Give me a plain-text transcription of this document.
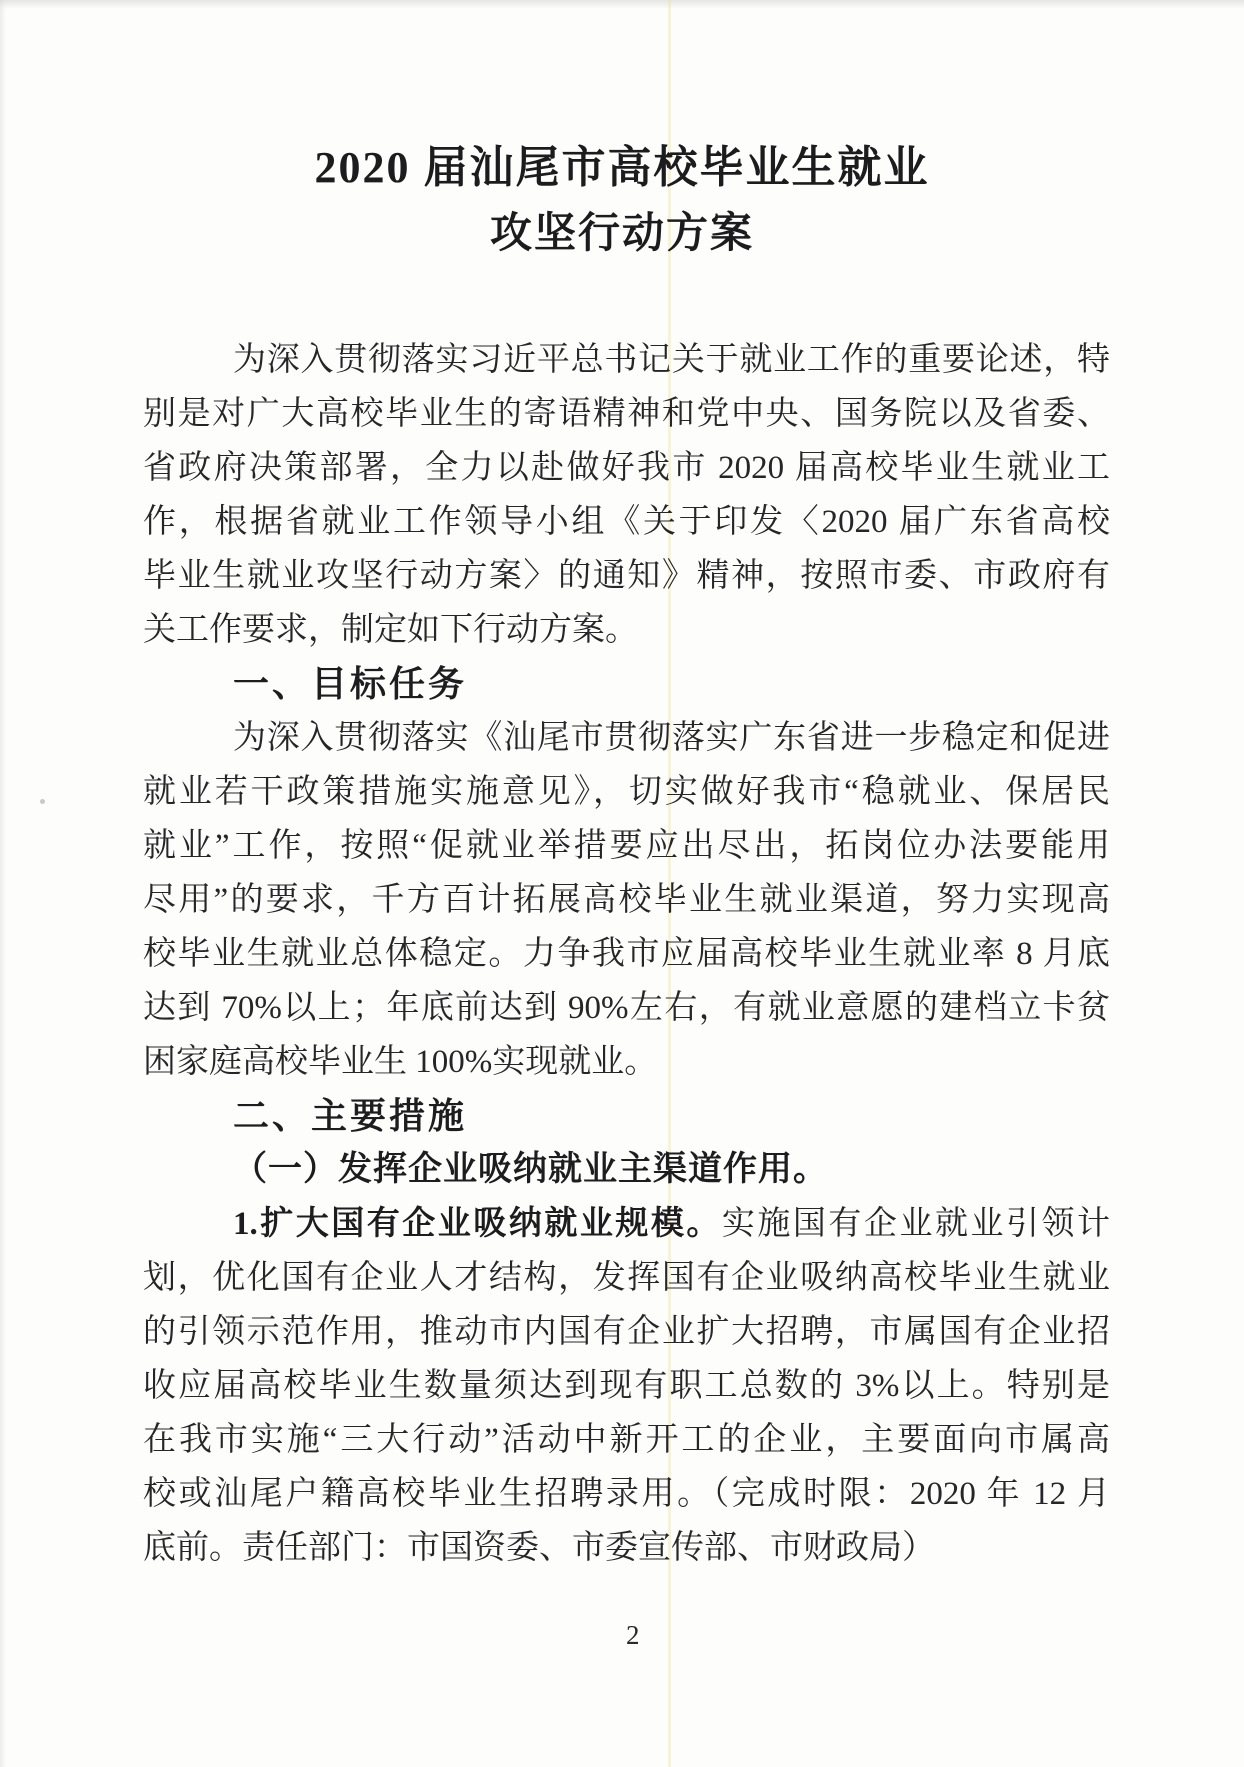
2020 届汕尾市高校毕业生就业
攻坚行动方案
为深入贯彻落实习近平总书记关于就业工作的重要论述，特
别是对广大高校毕业生的寄语精神和党中央、国务院以及省委、
省政府决策部署，全力以赴做好我市 2020 届高校毕业生就业工
作，根据省就业工作领导小组《关于印发〈2020 届广东省高校
毕业生就业攻坚行动方案〉的通知》精神，按照市委、市政府有
关工作要求，制定如下行动方案。
一、目标任务
为深入贯彻落实《汕尾市贯彻落实广东省进一步稳定和促进
就业若干政策措施实施意见》，切实做好我市“稳就业、保居民
就业”工作，按照“促就业举措要应出尽出，拓岗位办法要能用
尽用”的要求，千方百计拓展高校毕业生就业渠道，努力实现高
校毕业生就业总体稳定。力争我市应届高校毕业生就业率 8 月底
达到 70%以上；年底前达到 90%左右，有就业意愿的建档立卡贫
困家庭高校毕业生 100%实现就业。
二、主要措施
（一）发挥企业吸纳就业主渠道作用。
1.扩大国有企业吸纳就业规模。实施国有企业就业引领计
划，优化国有企业人才结构，发挥国有企业吸纳高校毕业生就业
的引领示范作用，推动市内国有企业扩大招聘，市属国有企业招
收应届高校毕业生数量须达到现有职工总数的 3%以上。特别是
在我市实施“三大行动”活动中新开工的企业，主要面向市属高
校或汕尾户籍高校毕业生招聘录用。（完成时限：2020 年 12 月
底前。责任部门：市国资委、市委宣传部、市财政局）
2
